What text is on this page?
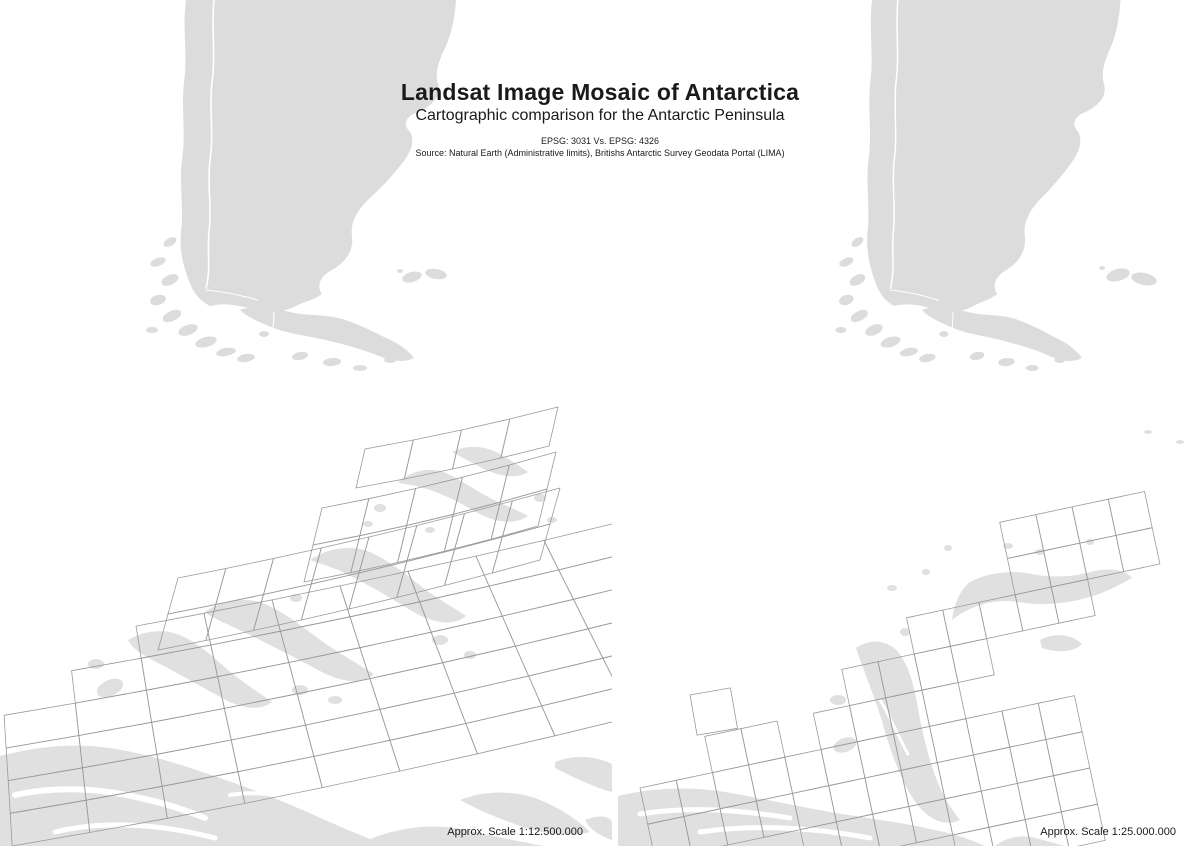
Landsat Image Mosaic of Antarctica
Cartographic comparison for the Antarctic Peninsula
EPSG: 3031 Vs. EPSG: 4326
Source: Natural Earth (Administrative limits), Britishs Antarctic Survey Geodata Portal (LIMA)
Approx. Scale 1:12.500.000	Approx. Scale 1:25.000.000
